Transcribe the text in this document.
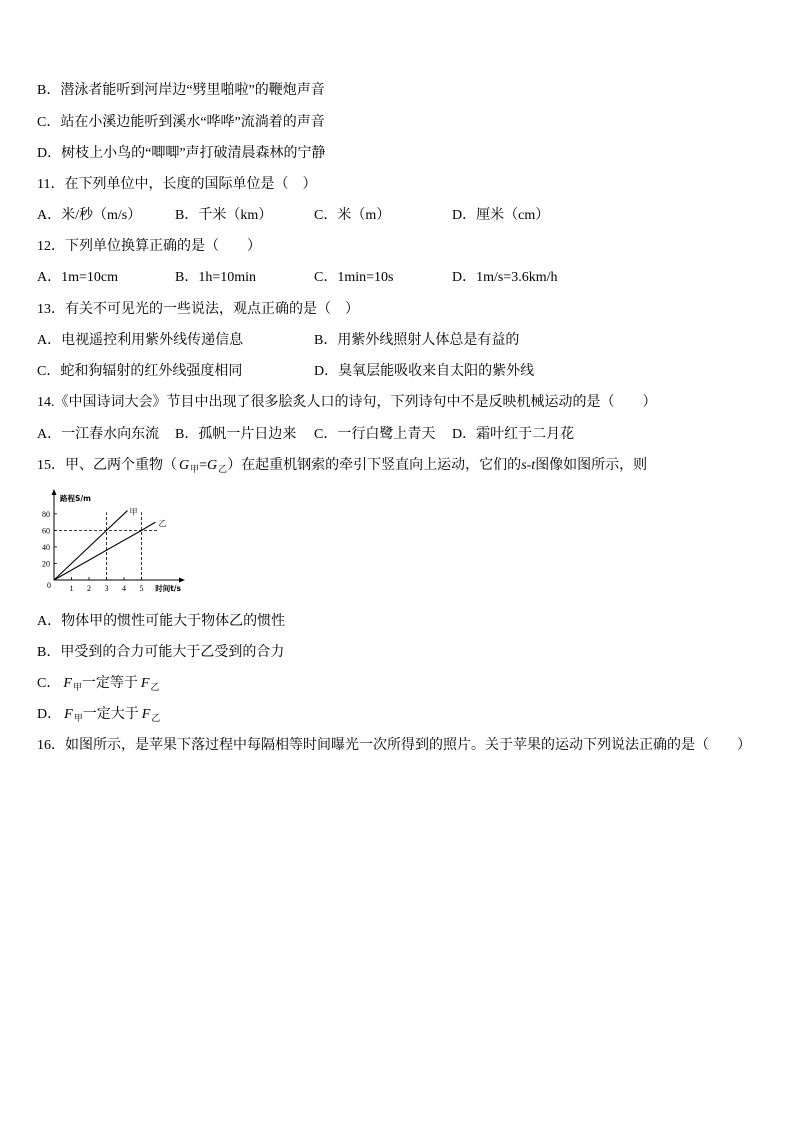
B．潜泳者能听到河岸边“劈里啪啦”的鞭炮声音
C．站在小溪边能听到溪水“哗哗”流淌着的声音
D．树枝上小鸟的“唧唧”声打破清晨森林的宁静
11．在下列单位中，长度的国际单位是（　）
A．米/秒（m/s） B．千米（km）	C．米（m）	D．厘米（cm）
12．下列单位换算正确的是（　　）
A．1m=10cm	B．1h=10min	C．1min=10s	D．1m/s=3.6km/h
13．有关不可见光的一些说法，观点正确的是（　）
A．电视遥控利用紫外线传递信息	B．用紫外线照射人体总是有益的
C．蛇和狗辐射的红外线强度相同	D．臭氧层能吸收来自太阳的紫外线
14.《中国诗词大会》节目中出现了很多脍炙人口的诗句，下列诗句中不是反映机械运动的是（　　）
A．一江春水向东流 B．孤帆一片日边来 C．一行白鹭上青天 D．霜叶红于二月花
15．甲、乙两个重物（ $G_甲=G_乙$）在起重机钢索的牵引下竖直向上运动，它们的s-t图像如图所示，则
1 2 3 4 5
20
40
60
80
0
甲
乙
路程S/m
时间t/s
A．物体甲的惯性可能大于物体乙的惯性
B．甲受到的合力可能大于乙受到的合力
C． $F_甲$一定等于 $F_乙$
D． $F_甲$一定大于 $F_乙$
16．如图所示，是苹果下落过程中每隔相等时间曝光一次所得到的照片。关于苹果的运动下列说法正确的是（　　）
